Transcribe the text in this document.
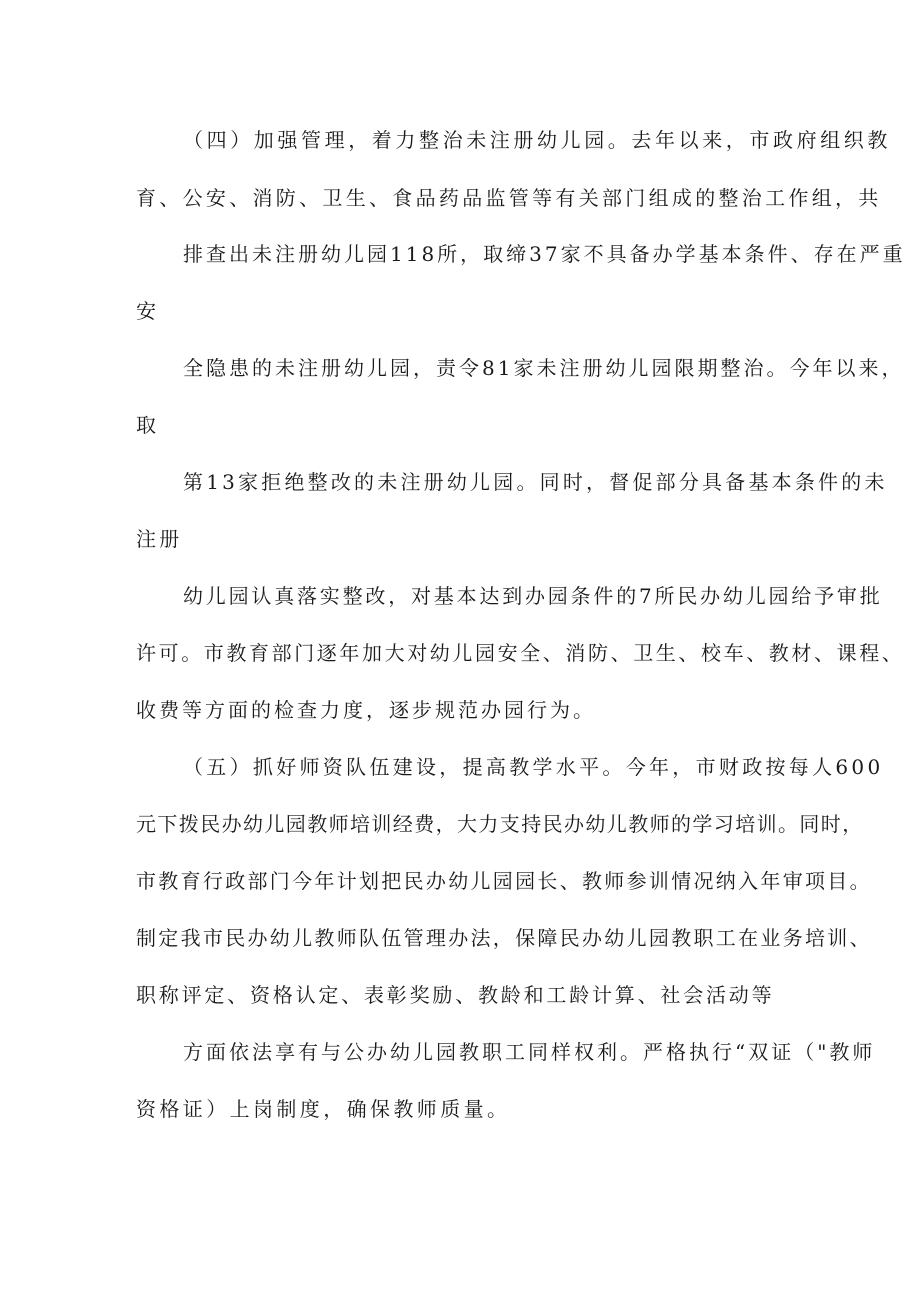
（四）加强管理，着力整治未注册幼儿园。去年以来，市政府组织教
育、公安、消防、卫生、食品药品监管等有关部门组成的整治工作组，共
排查出未注册幼儿园118所，取缔37家不具备办学基本条件、存在严重
安
全隐患的未注册幼儿园，责令81家未注册幼儿园限期整治。今年以来，
取
第13家拒绝整改的未注册幼儿园。同时，督促部分具备基本条件的未
注册
幼儿园认真落实整改，对基本达到办园条件的7所民办幼儿园给予审批
许可。市教育部门逐年加大对幼儿园安全、消防、卫生、校车、教材、课程、
收费等方面的检查力度，逐步规范办园行为。
（五）抓好师资队伍建设，提高教学水平。今年，市财政按每人600
元下拨民办幼儿园教师培训经费，大力支持民办幼儿教师的学习培训。同时，
市教育行政部门今年计划把民办幼儿园园长、教师参训情况纳入年审项目。
制定我市民办幼儿教师队伍管理办法，保障民办幼儿园教职工在业务培训、
职称评定、资格认定、表彰奖励、教龄和工龄计算、社会活动等
方面依法享有与公办幼儿园教职工同样权利。严格执行“双证（"教师
资格证）上岗制度，确保教师质量。
